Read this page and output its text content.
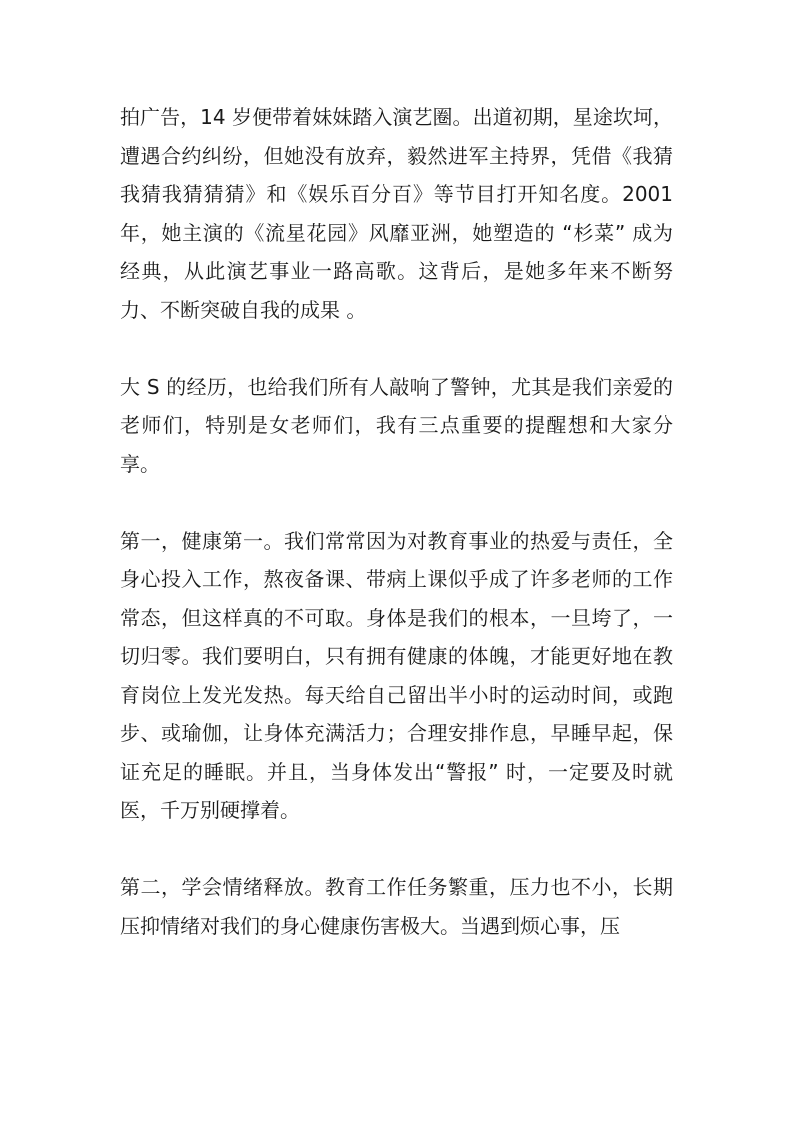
拍广告，14 岁便带着妹妹踏入演艺圈。出道初期，星途坎坷，遭遇合约纠纷，但她没有放弃，毅然进军主持界，凭借《我猜我猜我猜猜猜》和《娱乐百分百》等节目打开知名度。2001 年，她主演的《流星花园》风靡亚洲，她塑造的 “杉菜” 成为经典，从此演艺事业一路高歌。这背后，是她多年来不断努力、不断突破自我的成果 。

大 S 的经历，也给我们所有人敲响了警钟，尤其是我们亲爱的老师们，特别是女老师们，我有三点重要的提醒想和大家分享。

第一，健康第一。我们常常因为对教育事业的热爱与责任，全身心投入工作，熬夜备课、带病上课似乎成了许多老师的工作常态，但这样真的不可取。身体是我们的根本，一旦垮了，一切归零。我们要明白，只有拥有健康的体魄，才能更好地在教育岗位上发光发热。每天给自己留出半小时的运动时间，或跑步、或瑜伽，让身体充满活力；合理安排作息，早睡早起，保证充足的睡眠。并且，当身体发出“警报” 时，一定要及时就医，千万别硬撑着。

第二，学会情绪释放。教育工作任务繁重，压力也不小，长期压抑情绪对我们的身心健康伤害极大。当遇到烦心事，压
